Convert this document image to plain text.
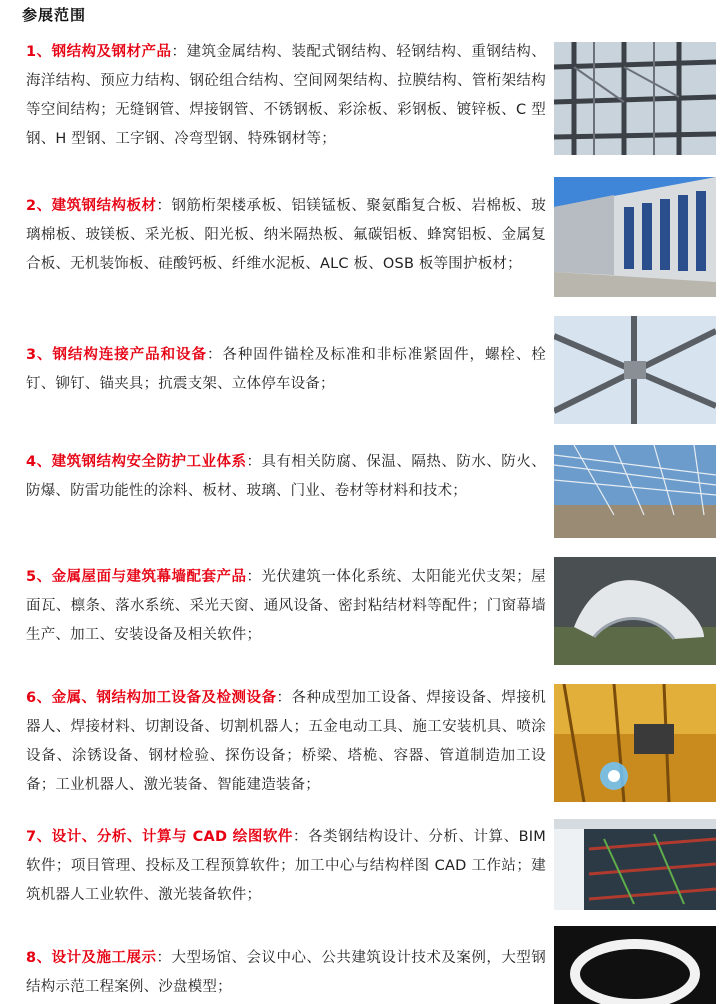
参展范围
1、钢结构及钢材产品：建筑金属结构、装配式钢结构、轻钢结构、重钢结构、海洋结构、预应力结构、钢砼组合结构、空间网架结构、拉膜结构、管桁架结构等空间结构；无缝钢管、焊接钢管、不锈钢板、彩涂板、彩钢板、镀锌板、C 型钢、H 型钢、工字钢、冷弯型钢、特殊钢材等；
2、建筑钢结构板材：钢筋桁架楼承板、铝镁锰板、聚氨酯复合板、岩棉板、玻璃棉板、玻镁板、采光板、阳光板、纳米隔热板、氟碳铝板、蜂窝铝板、金属复合板、无机装饰板、硅酸钙板、纤维水泥板、ALC 板、OSB 板等围护板材；
3、钢结构连接产品和设备：各种固件锚栓及标准和非标准紧固件，螺栓、栓钉、铆钉、锚夹具；抗震支架、立体停车设备；
4、建筑钢结构安全防护工业体系：具有相关防腐、保温、隔热、防水、防火、防爆、防雷功能性的涂料、板材、玻璃、门业、卷材等材料和技术；
5、金属屋面与建筑幕墙配套产品：光伏建筑一体化系统、太阳能光伏支架；屋面瓦、檩条、落水系统、采光天窗、通风设备、密封粘结材料等配件；门窗幕墙生产、加工、安装设备及相关软件；
6、金属、钢结构加工设备及检测设备：各种成型加工设备、焊接设备、焊接机器人、焊接材料、切割设备、切割机器人；五金电动工具、施工安装机具、喷涂设备、涂锈设备、钢材检验、探伤设备；桥梁、塔桅、容器、管道制造加工设备；工业机器人、激光装备、智能建造装备；
7、设计、分析、计算与 CAD 绘图软件：各类钢结构设计、分析、计算、BIM 软件；项目管理、投标及工程预算软件；加工中心与结构样图 CAD 工作站；建筑机器人工业软件、激光装备软件；
8、设计及施工展示：大型场馆、会议中心、公共建筑设计技术及案例，大型钢结构示范工程案例、沙盘模型；
